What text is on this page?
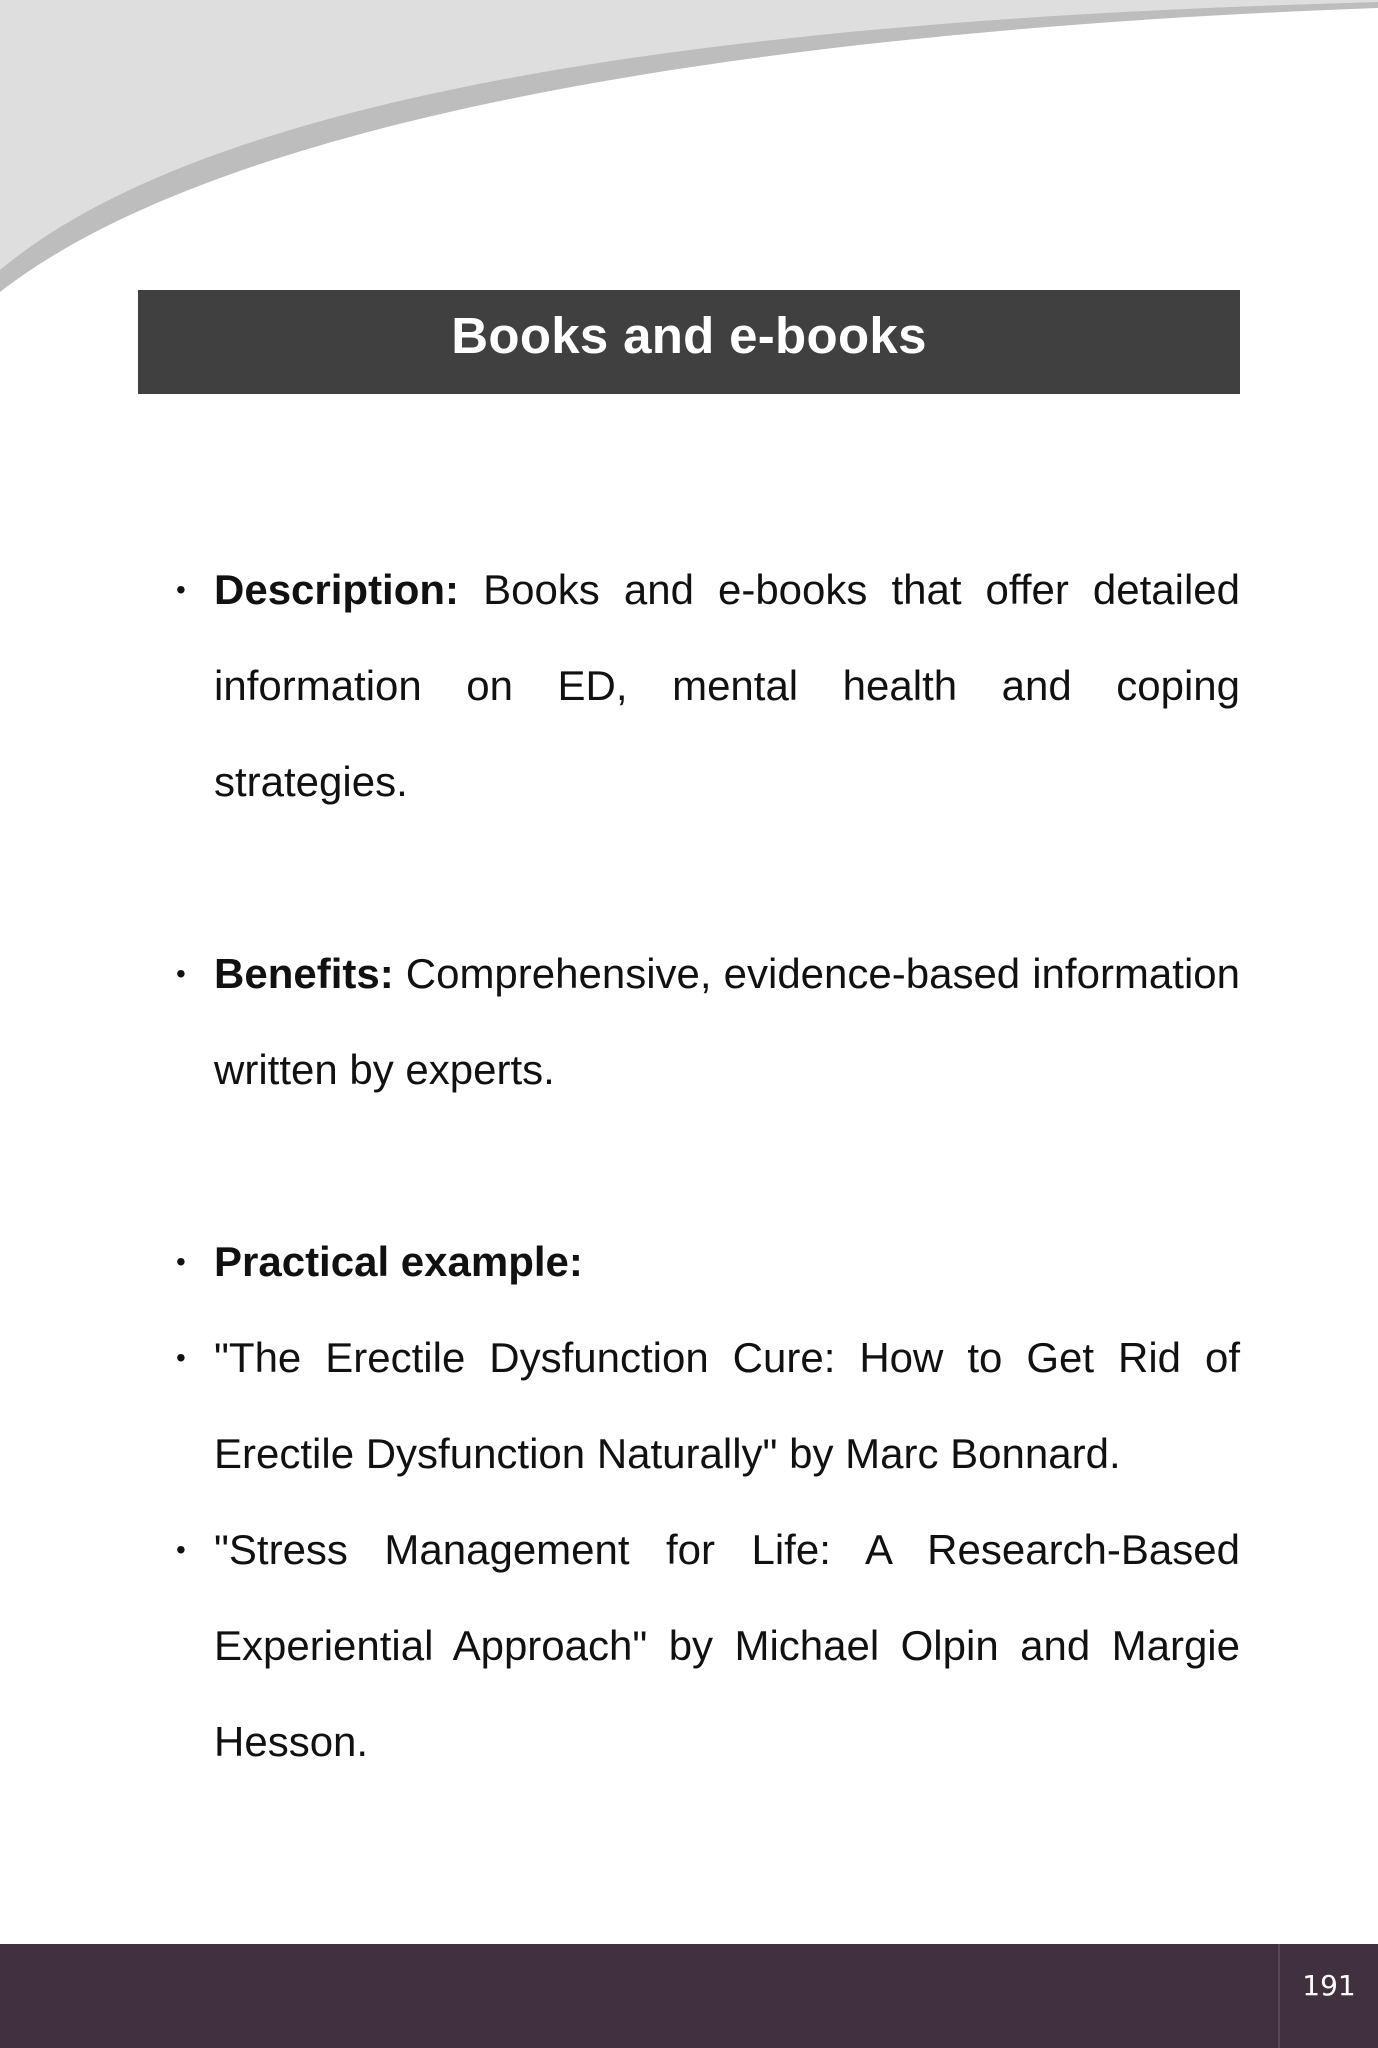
Books and e-books
• Description: Books and e-books that offer detailed information on ED, mental health and coping strategies.
• Benefits: Comprehensive, evidence-based information written by experts.
• Practical example:
• "The Erectile Dysfunction Cure: How to Get Rid of Erectile Dysfunction Naturally" by Marc Bonnard.
• "Stress Management for Life: A Research-Based Experiential Approach" by Michael Olpin and Margie Hesson.
191
